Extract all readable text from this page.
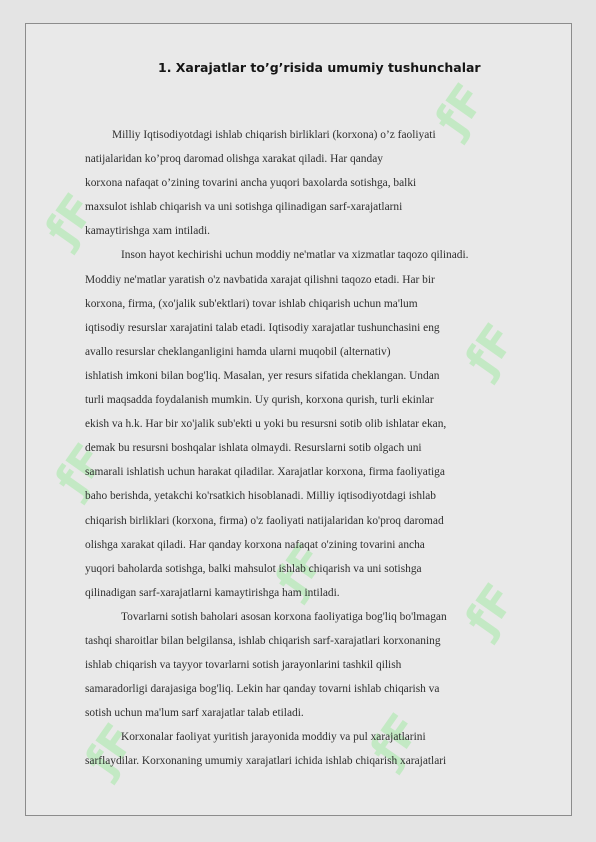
ƒF
ƒF
ƒF
ƒF
ƒF
ƒF
ƒF	ƒF
1. Xarajatlar to’g’risida umumiy tushunchalar
Milliy Iqtisodiyotdagi ishlab chiqarish birliklari (korxona) o’z faoliyati
natijalaridan ko’proq daromad olishga xarakat qiladi. Har qanday
korxona nafaqat o’zining tovarini ancha yuqori baxolarda sotishga, balki
maxsulot ishlab chiqarish va uni sotishga qilinadigan sarf-xarajatlarni
kamaytirishga xam intiladi.
Inson hayot kechirishi uchun moddiy ne'matlar va xizmatlar taqozo qilinadi.
Moddiy ne'matlar yaratish o'z navbatida xarajat qilishni taqozo etadi. Har bir
korxona, firma, (xo'jalik sub'ektlari) tovar ishlab chiqarish uchun ma'lum
iqtisodiy resurslar xarajatini talab etadi. Iqtisodiy xarajatlar tushunchasini eng
avallo resurslar cheklanganligini hamda ularni muqobil (alternativ)
ishlatish imkoni bilan bog'liq. Masalan, yer resurs sifatida cheklangan. Undan
turli maqsadda foydalanish mumkin. Uy qurish, korxona qurish, turli ekinlar
ekish va h.k. Har bir xo'jalik sub'ekti u yoki bu resursni sotib olib ishlatar ekan,
demak bu resursni boshqalar ishlata olmaydi. Resurslarni sotib olgach uni
samarali ishlatish uchun harakat qiladilar. Xarajatlar korxona, firma faoliyatiga
baho berishda, yetakchi ko'rsatkich hisoblanadi. Milliy iqtisodiyotdagi ishlab
chiqarish birliklari (korxona, firma) o'z faoliyati natijalaridan ko'proq daromad
olishga xarakat qiladi. Har qanday korxona nafaqat o'zining tovarini ancha
yuqori baholarda sotishga, balki mahsulot ishlab chiqarish va uni sotishga
qilinadigan sarf-xarajatlarni kamaytirishga ham intiladi.
Tovarlarni sotish baholari asosan korxona faoliyatiga bog'liq bo'lmagan
tashqi sharoitlar bilan belgilansa, ishlab chiqarish sarf-xarajatlari korxonaning
ishlab chiqarish va tayyor tovarlarni sotish jarayonlarini tashkil qilish
samaradorligi darajasiga bog'liq. Lekin har qanday tovarni ishlab chiqarish va
sotish uchun ma'lum sarf xarajatlar talab etiladi.
Korxonalar faoliyat yuritish jarayonida moddiy va pul xarajatlarini
sarflaydilar. Korxonaning umumiy xarajatlari ichida ishlab chiqarish xarajatlari
